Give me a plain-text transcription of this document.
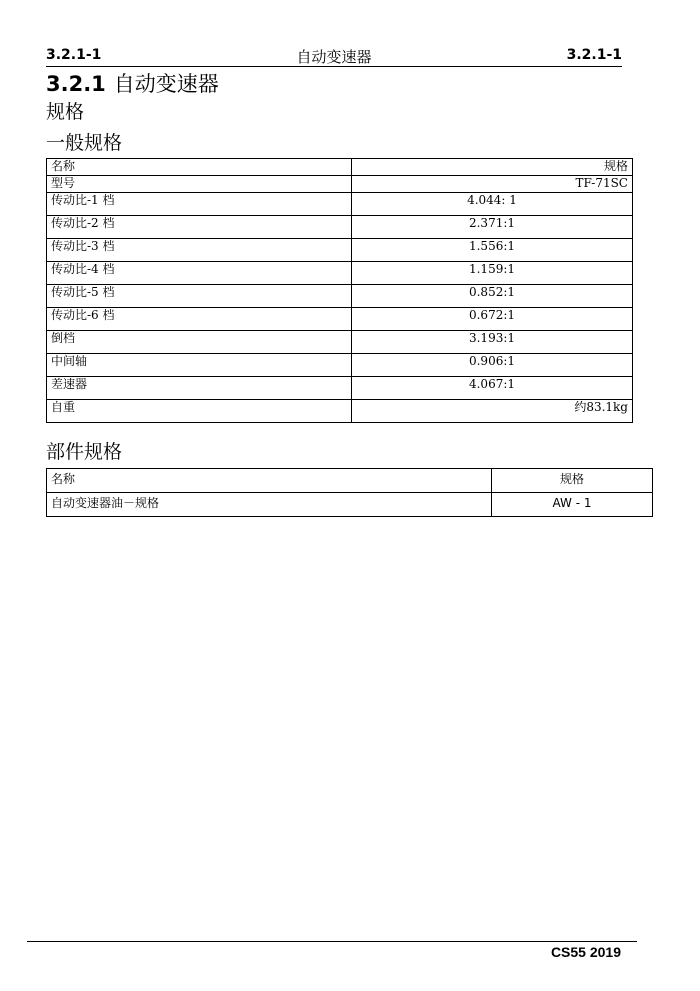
3.2.1-1	自动变速器	3.2.1-1
3.2.1 自动变速器
规格
一般规格
名称	规格
型号	TF-71SC
传动比-1 档	4.044: 1
传动比-2 档	2.371:1
传动比-3 档	1.556:1
传动比-4 档	1.159:1
传动比-5 档	0.852:1
传动比-6 档	0.672:1
倒档	3.193:1
中间轴	0.906:1
差速器	4.067:1
自重	约83.1kg
部件规格
名称	规格
自动变速器油－规格	AW - 1
CS55 2019
